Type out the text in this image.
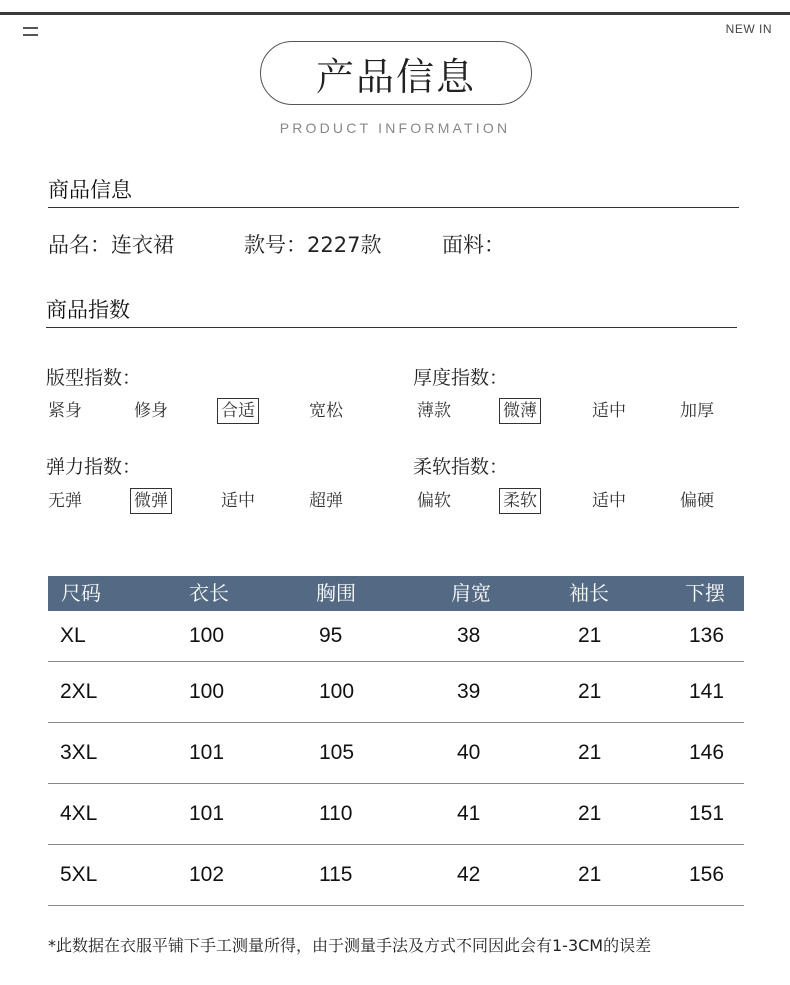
NEW IN
产品信息
PRODUCT INFORMATION
商品信息
品名：连衣裙	款号：2227款	面料：
商品指数
版型指数：
紧身	修身	合适	宽松
厚度指数：
薄款	微薄	适中	加厚
弹力指数：
无弹	微弹	适中	超弹
柔软指数：
偏软	柔软	适中	偏硬
尺码	衣长	胸围	肩宽	袖长	下摆
XL	100	95	38	21	136
2XL	100	100	39	21	141
3XL	101	105	40	21	146
4XL	101	110	41	21	151
5XL	102	115	42	21	156
*此数据在衣服平铺下手工测量所得，由于测量手法及方式不同因此会有1-3CM的误差
